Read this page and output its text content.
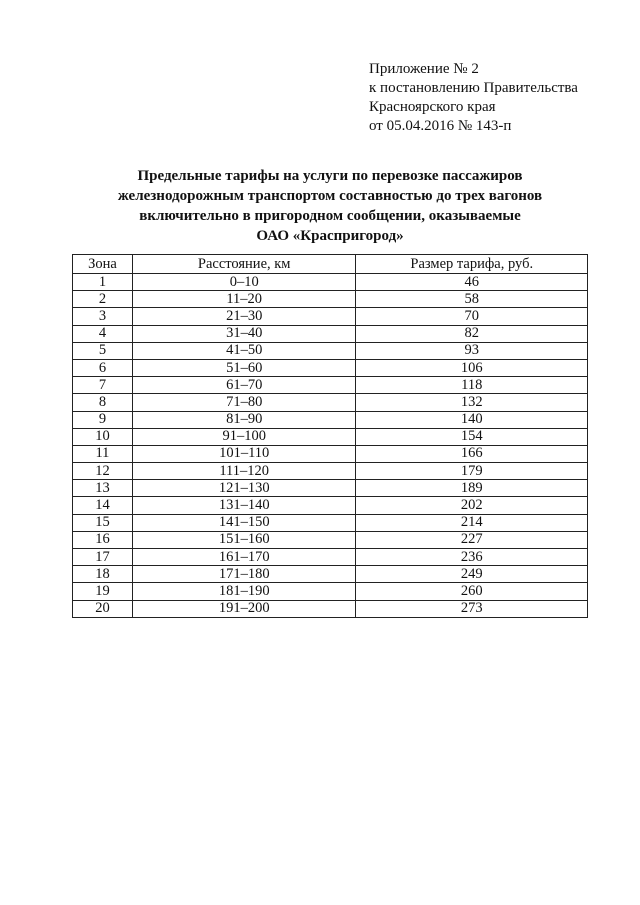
Приложение № 2
к постановлению Правительства
Красноярского края
от 05.04.2016 № 143-п
Предельные тарифы на услуги по перевозке пассажиров
железнодорожным транспортом составностью до трех вагонов
включительно в пригородном сообщении, оказываемые
ОАО «Краспригород»
Зона	Расстояние, км	Размер тарифа, руб.
1	0–10	46
2	11–20	58
3	21–30	70
4	31–40	82
5	41–50	93
6	51–60	106
7	61–70	118
8	71–80	132
9	81–90	140
10	91–100	154
11	101–110	166
12	111–120	179
13	121–130	189
14	131–140	202
15	141–150	214
16	151–160	227
17	161–170	236
18	171–180	249
19	181–190	260
20	191–200	273
